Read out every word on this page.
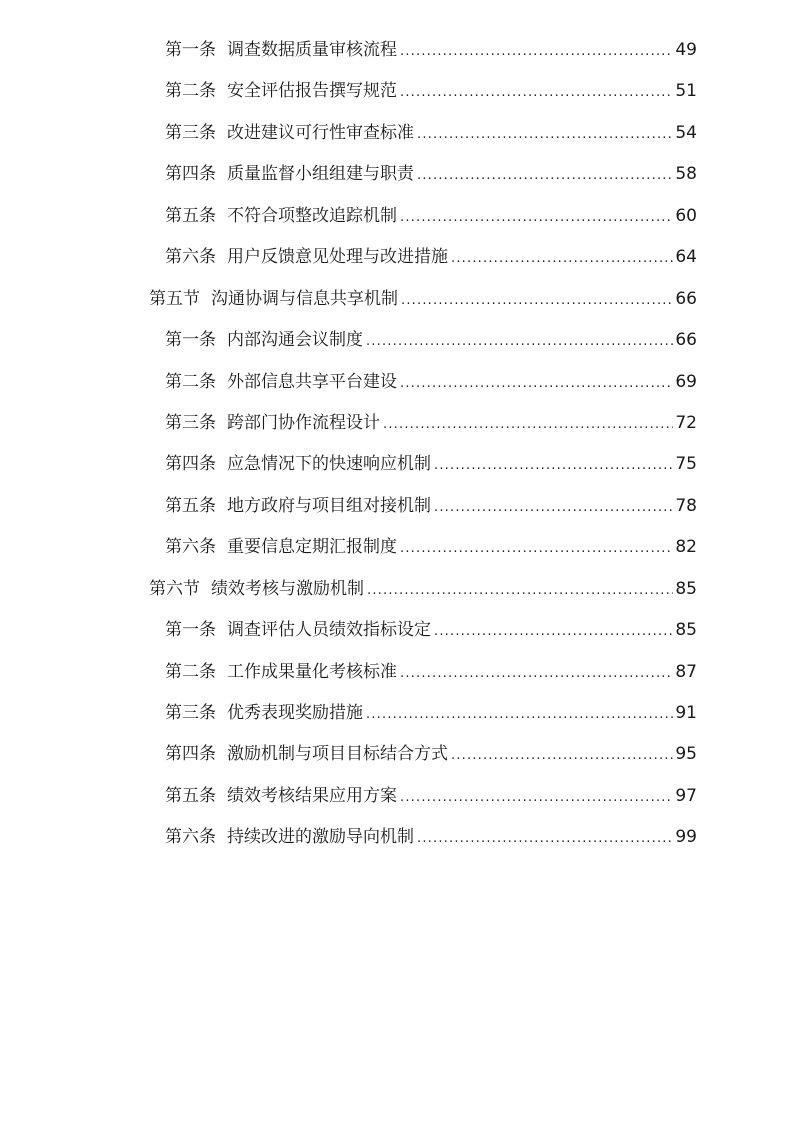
第一条 调查数据质量审核流程 .....	49
第二条 安全评估报告撰写规范 .....	51
第三条 改进建议可行性审查标准 .....	54
第四条 质量监督小组组建与职责 .....	58
第五条 不符合项整改追踪机制 .....	60
第六条 用户反馈意见处理与改进措施 .....	64
第五节 沟通协调与信息共享机制 .....	66
第一条 内部沟通会议制度 .....	66
第二条 外部信息共享平台建设 .....	69
第三条 跨部门协作流程设计 .....	72
第四条 应急情况下的快速响应机制 .....	75
第五条 地方政府与项目组对接机制 .....	78
第六条 重要信息定期汇报制度 .....	82
第六节 绩效考核与激励机制 .....	85
第一条 调查评估人员绩效指标设定 .....	85
第二条 工作成果量化考核标准 .....	87
第三条 优秀表现奖励措施 .....	91
第四条 激励机制与项目目标结合方式 .....	95
第五条 绩效考核结果应用方案 .....	97
第六条 持续改进的激励导向机制 .....	99
